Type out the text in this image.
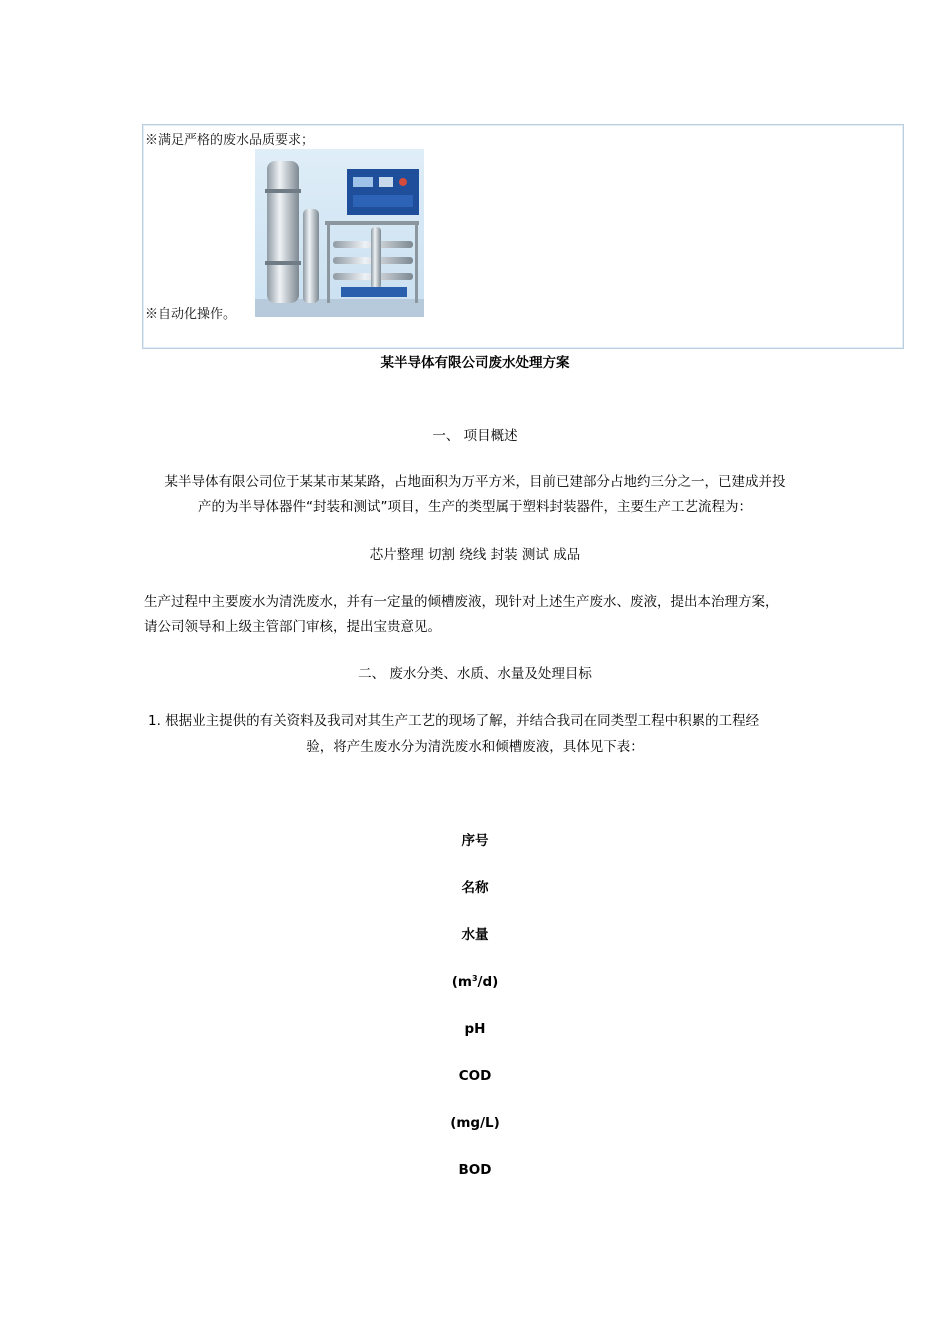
※满足严格的废水品质要求；
※自动化操作。
某半导体有限公司废水处理方案
一、 项目概述
某半导体有限公司位于某某市某某路，占地面积为万平方米，目前已建部分占地约三分之一，已建成并投
产的为半导体器件“封装和测试”项目，生产的类型属于塑料封装器件，主要生产工艺流程为：
芯片整理 切割 绕线 封装 测试 成品
生产过程中主要废水为清洗废水，并有一定量的倾槽废液，现针对上述生产废水、废液，提出本治理方案，
请公司领导和上级主管部门审核，提出宝贵意见。
二、 废水分类、水质、水量及处理目标
1. 根据业主提供的有关资料及我司对其生产工艺的现场了解，并结合我司在同类型工程中积累的工程经
验，将产生废水分为清洗废水和倾槽废液，具体见下表：
序号
名称
水量
$(m^3/d)$
pH
COD
(mg/L)
BOD
